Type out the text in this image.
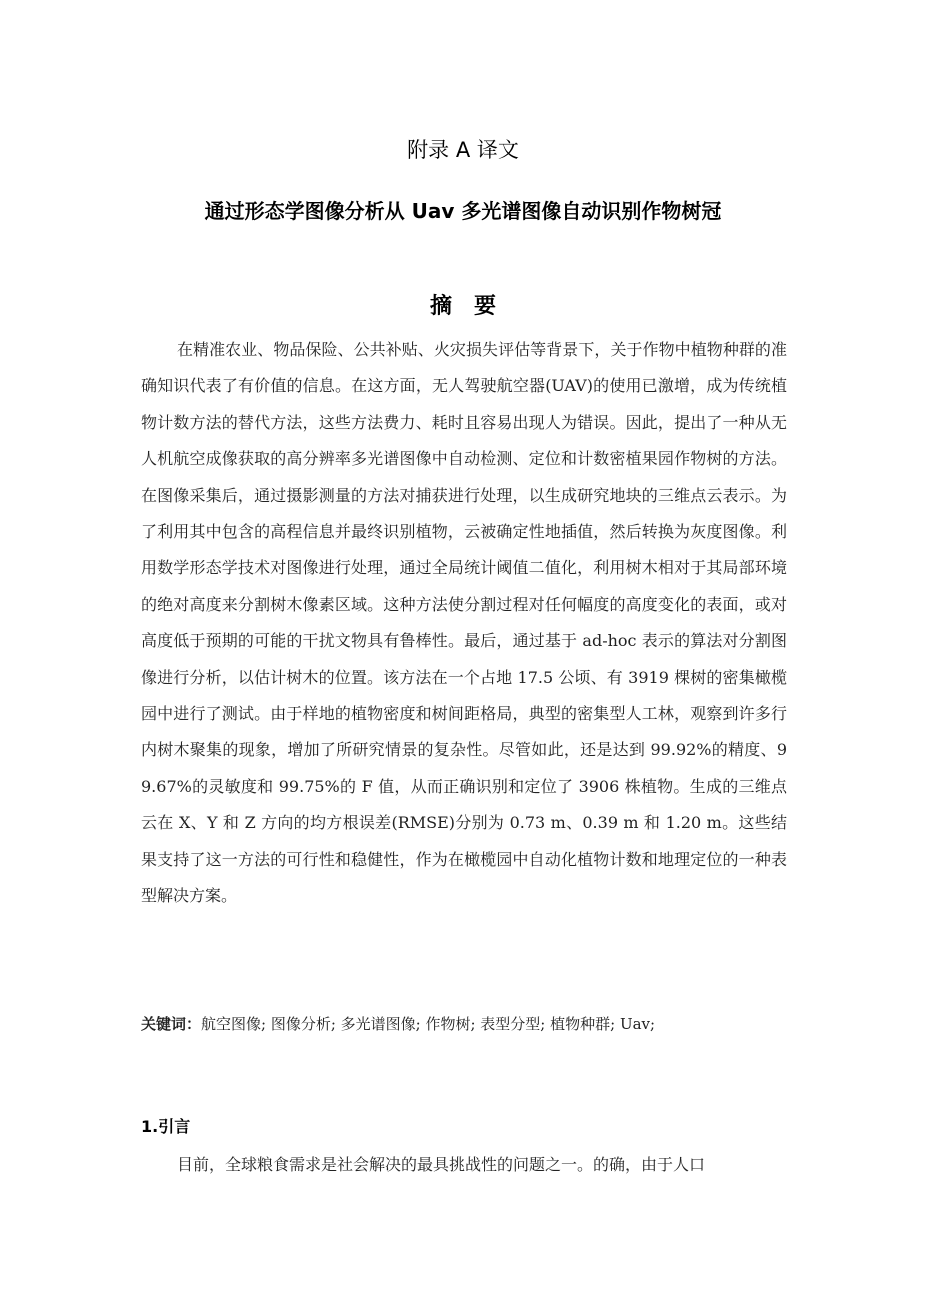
附录 A 译文
通过形态学图像分析从 Uav 多光谱图像自动识别作物树冠
摘要

在精准农业、物品保险、公共补贴、火灾损失评估等背景下，关于作物中植物种群的准确知识代表了有价值的信息。在这方面，无人驾驶航空器(UAV)的使用已激增，成为传统植物计数方法的替代方法，这些方法费力、耗时且容易出现人为错误。因此，提出了一种从无人机航空成像获取的高分辨率多光谱图像中自动检测、定位和计数密植果园作物树的方法。在图像采集后，通过摄影测量的方法对捕获进行处理，以生成研究地块的三维点云表示。为了利用其中包含的高程信息并最终识别植物，云被确定性地插值，然后转换为灰度图像。利用数学形态学技术对图像进行处理，通过全局统计阈值二值化，利用树木相对于其局部环境的绝对高度来分割树木像素区域。这种方法使分割过程对任何幅度的高度变化的表面，或对高度低于预期的可能的干扰文物具有鲁棒性。最后，通过基于 ad-hoc 表示的算法对分割图像进行分析，以估计树木的位置。该方法在一个占地 17.5 公顷、有 3919 棵树的密集橄榄园中进行了测试。由于样地的植物密度和树间距格局，典型的密集型人工林，观察到许多行内树木聚集的现象，增加了所研究情景的复杂性。尽管如此，还是达到 99.92%的精度、99.67%的灵敏度和 99.75%的 F 值，从而正确识别和定位了 3906 株植物。生成的三维点云在 X、Y 和 Z 方向的均方根误差(RMSE)分别为 0.73 m、0.39 m 和 1.20 m。这些结果支持了这一方法的可行性和稳健性，作为在橄榄园中自动化植物计数和地理定位的一种表型解决方案。

关键词：航空图像; 图像分析; 多光谱图像; 作物树; 表型分型; 植物种群; Uav;

1.引言

目前，全球粮食需求是社会解决的最具挑战性的问题之一。的确，由于人口
